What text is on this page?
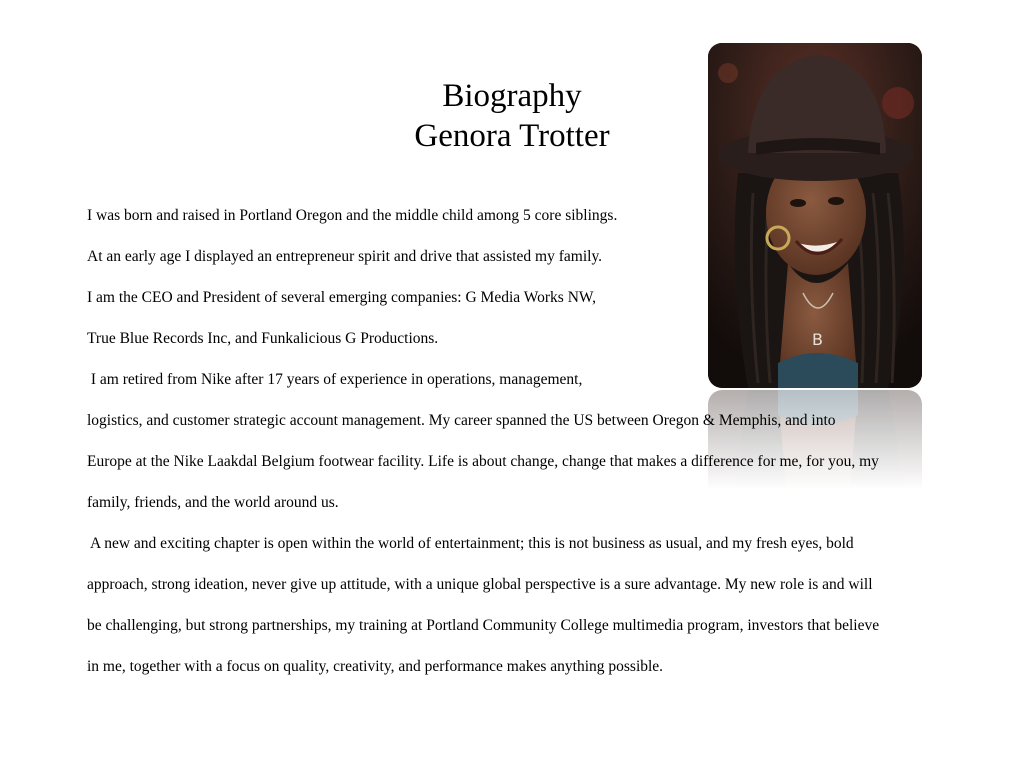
Biography
Genora Trotter
B

I was born and raised in Portland Oregon and the middle child among 5 core siblings.

At an early age I displayed an entrepreneur spirit and drive that assisted my family.

I am the CEO and President of several emerging companies: G Media Works NW,

True Blue Records Inc, and Funkalicious G Productions.

I am retired from Nike after 17 years of experience in operations, management,

logistics, and customer strategic account management. My career spanned the US between Oregon & Memphis, and into

Europe at the Nike Laakdal Belgium footwear facility. Life is about change, change that makes a difference for me, for you, my

family, friends, and the world around us.

A new and exciting chapter is open within the world of entertainment; this is not business as usual, and my fresh eyes, bold

approach, strong ideation, never give up attitude, with a unique global perspective is a sure advantage. My new role is and will

be challenging, but strong partnerships, my training at Portland Community College multimedia program, investors that believe

in me, together with a focus on quality, creativity, and performance makes anything possible.
